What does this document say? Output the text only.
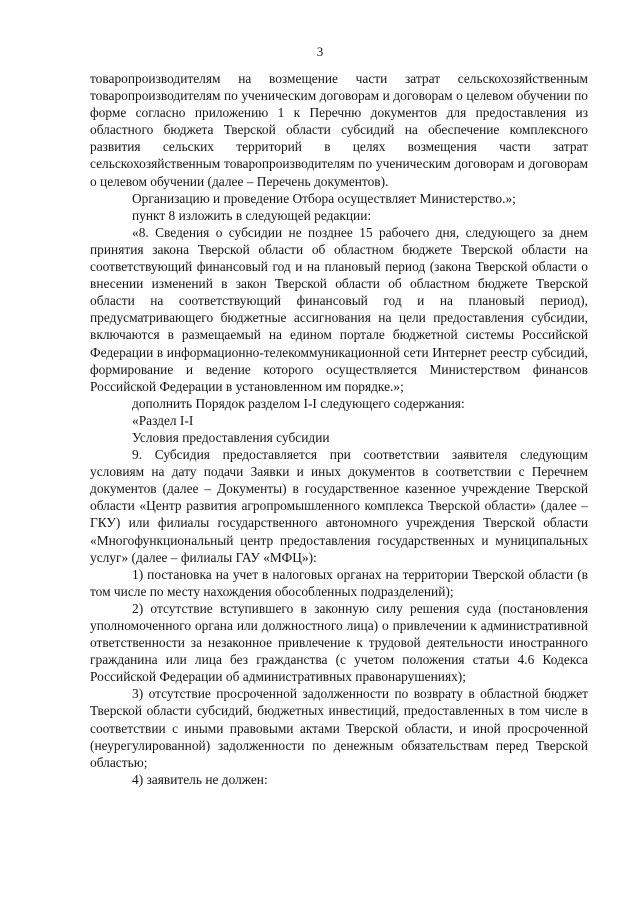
3

товаропроизводителям на возмещение части затрат сельскохозяйственным товаропроизводителям по ученическим договорам и договорам о целевом обучении по форме согласно приложению 1 к Перечню документов для предоставления из областного бюджета Тверской области субсидий на обеспечение комплексного развития сельских территорий в целях возмещения части затрат сельскохозяйственным товаропроизводителям по ученическим договорам и договорам о целевом обучении (далее – Перечень документов).

Организацию и проведение Отбора осуществляет Министерство.»;

пункт 8 изложить в следующей редакции:

«8. Сведения о субсидии не позднее 15 рабочего дня, следующего за днем принятия закона Тверской области об областном бюджете Тверской области на соответствующий финансовый год и на плановый период (закона Тверской области о внесении изменений в закон Тверской области об областном бюджете Тверской области на соответствующий финансовый год и на плановый период), предусматривающего бюджетные ассигнования на цели предоставления субсидии, включаются в размещаемый на едином портале бюджетной системы Российской Федерации в информационно-телекоммуникационной сети Интернет реестр субсидий, формирование и ведение которого осуществляется Министерством финансов Российской Федерации в установленном им порядке.»;

дополнить Порядок разделом I-I следующего содержания:

«Раздел I-I

Условия предоставления субсидии

9. Субсидия предоставляется при соответствии заявителя следующим условиям на дату подачи Заявки и иных документов в соответствии с Перечнем документов (далее – Документы) в государственное казенное учреждение Тверской области «Центр развития агропромышленного комплекса Тверской области» (далее – ГКУ) или филиалы государственного автономного учреждения Тверской области «Многофункциональный центр предоставления государственных и муниципальных услуг» (далее – филиалы ГАУ «МФЦ»):

1) постановка на учет в налоговых органах на территории Тверской области (в том числе по месту нахождения обособленных подразделений);

2) отсутствие вступившего в законную силу решения суда (постановления уполномоченного органа или должностного лица) о привлечении к административной ответственности за незаконное привлечение к трудовой деятельности иностранного гражданина или лица без гражданства (с учетом положения статьи 4.6 Кодекса Российской Федерации об административных правонарушениях);

3) отсутствие просроченной задолженности по возврату в областной бюджет Тверской области субсидий, бюджетных инвестиций, предоставленных в том числе в соответствии с иными правовыми актами Тверской области, и иной просроченной (неурегулированной) задолженности по денежным обязательствам перед Тверской областью;

4) заявитель не должен:
